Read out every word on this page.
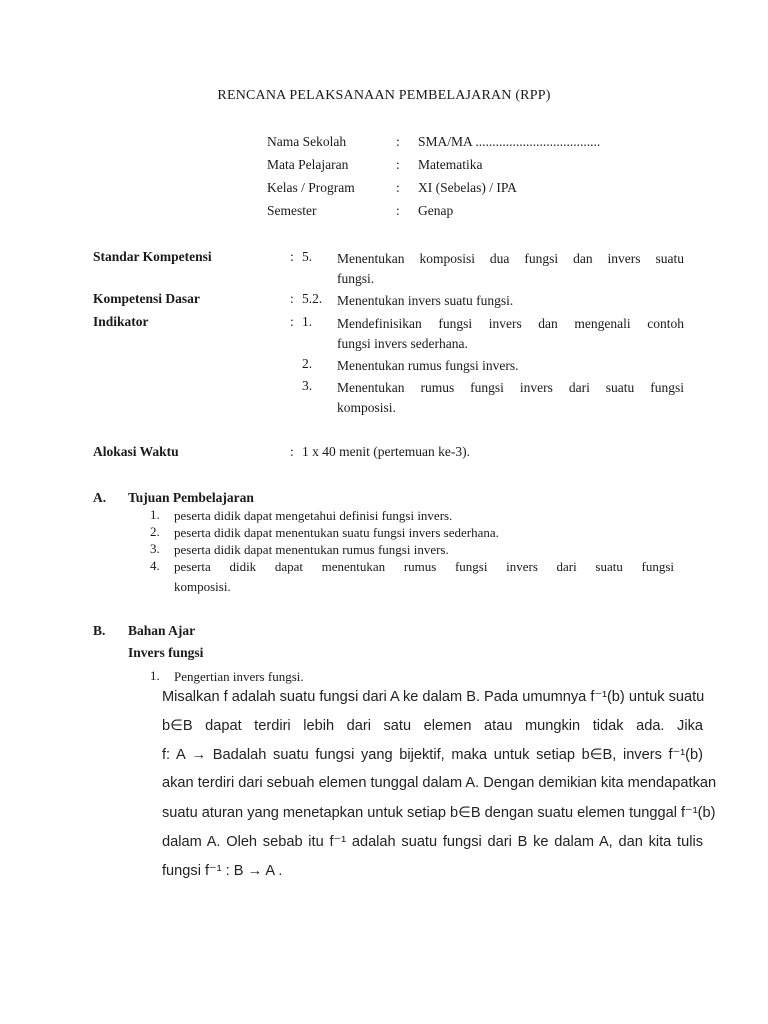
RENCANA PELAKSANAAN PEMBELAJARAN (RPP)
Nama Sekolah	: SMA/MA .....................................
Mata Pelajaran	: Matematika
Kelas / Program	: XI (Sebelas) / IPA
Semester	: Genap
Standar Kompetensi	: 5. Menentukan komposisi dua fungsi dan invers suatu
fungsi.
Kompetensi Dasar	: 5.2. Menentukan invers suatu fungsi.
Indikator	: 1. Mendefinisikan fungsi invers dan mengenali contoh
fungsi invers sederhana.
2. Menentukan rumus fungsi invers.
3. Menentukan rumus fungsi invers dari suatu fungsi
komposisi.
Alokasi Waktu	: 1 x 40 menit (pertemuan ke-3).
A. Tujuan Pembelajaran
1. peserta didik dapat mengetahui definisi fungsi invers.
2. peserta didik dapat menentukan suatu fungsi invers sederhana.
3. peserta didik dapat menentukan rumus fungsi invers.
4. peserta didik dapat menentukan rumus fungsi invers dari suatu fungsi
komposisi.
B. Bahan Ajar
Invers fungsi
1. Pengertian invers fungsi.
Misalkan f adalah suatu fungsi dari A ke dalam B. Pada umumnya f⁻¹(b) untuk suatu
b∈B dapat terdiri lebih dari satu elemen atau mungkin tidak ada. Jika
f: A → Badalah suatu fungsi yang bijektif, maka untuk setiap b∈B, invers f⁻¹(b)
akan terdiri dari sebuah elemen tunggal dalam A. Dengan demikian kita mendapatkan
suatu aturan yang menetapkan untuk setiap b∈B dengan suatu elemen tunggal f⁻¹(b)
dalam A. Oleh sebab itu f⁻¹ adalah suatu fungsi dari B ke dalam A, dan kita tulis
fungsi f⁻¹ : B → A .
